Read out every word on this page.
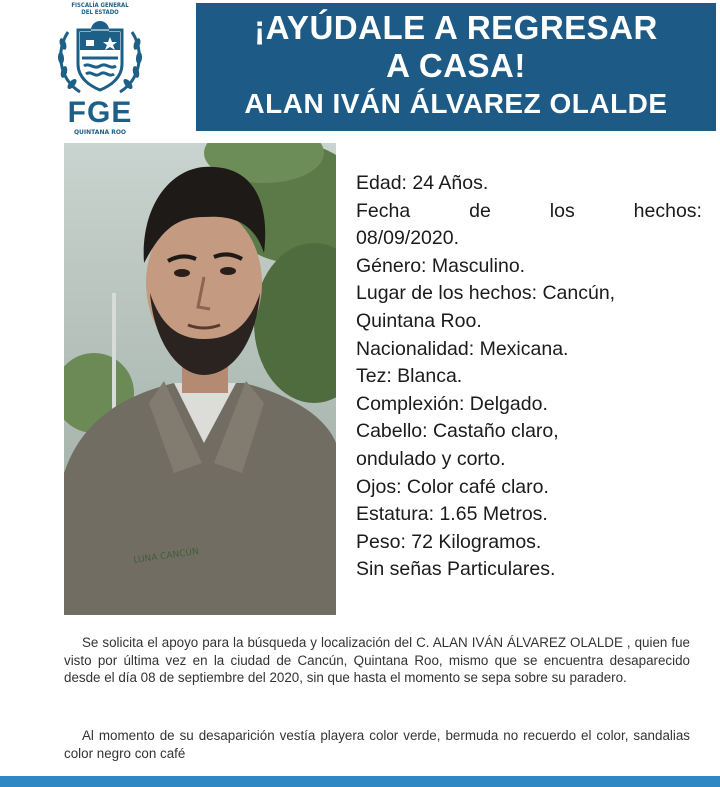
FISCALÍA GENERAL
DEL ESTADO
FGE
QUINTANA ROO
¡AYÚDALE A REGRESAR
A CASA!
ALAN IVÁN ÁLVAREZ OLALDE
LUNA CANCÚN
Edad: 24 Años.
Fecha	de	los	hechos:
08/09/2020.
Género: Masculino.
Lugar de los hechos: Cancún,
Quintana Roo.
Nacionalidad: Mexicana.
Tez: Blanca.
Complexión: Delgado.
Cabello: Castaño claro,
ondulado y corto.
Ojos: Color café claro.
Estatura: 1.65 Metros.
Peso: 72 Kilogramos.
Sin señas Particulares.
Se solicita el apoyo para la búsqueda y localización del C. ALAN IVÁN ÁLVAREZ OLALDE , quien fue visto por última vez en la ciudad de Cancún, Quintana Roo, mismo que se encuentra desaparecido desde el día 08 de septiembre del 2020, sin que hasta el momento se sepa sobre su paradero.
Al momento de su desaparición vestía playera color verde, bermuda no recuerdo el color, sandalias color negro con café
